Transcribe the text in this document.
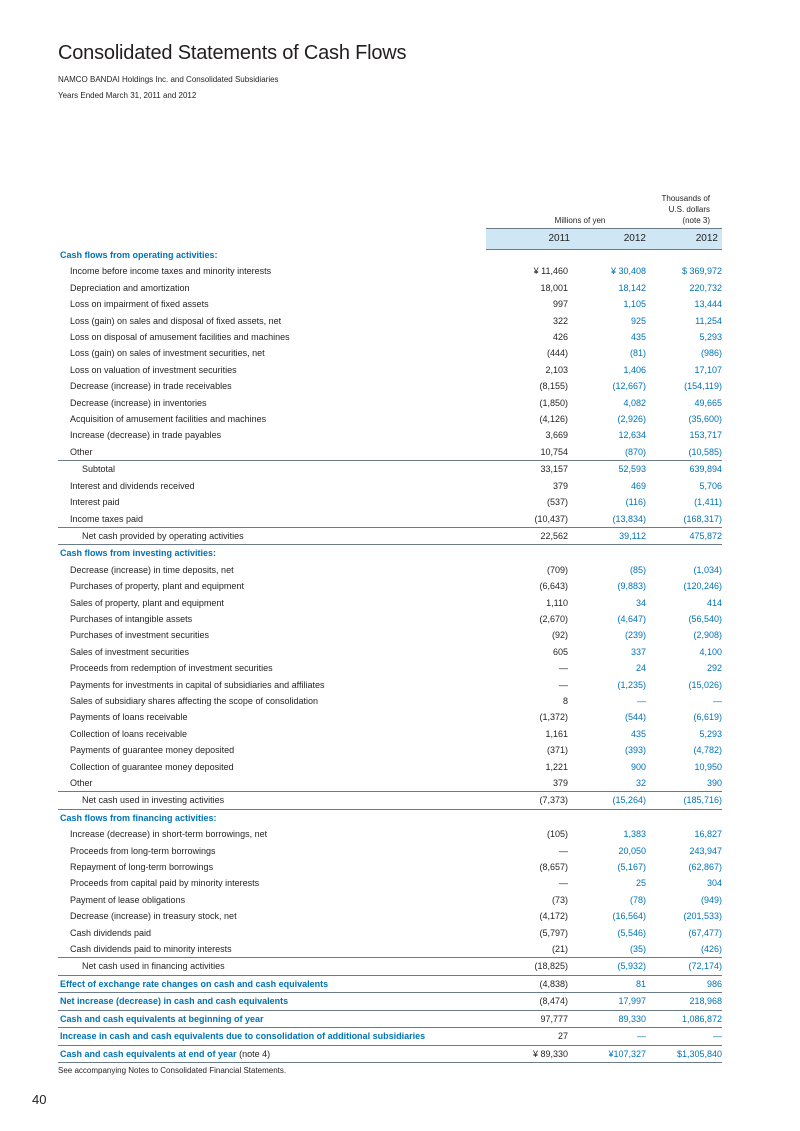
Consolidated Statements of Cash Flows
NAMCO BANDAI Holdings Inc. and Consolidated Subsidiaries
Years Ended March 31, 2011 and 2012
Millions of yen
Thousands of
U.S. dollars
(note 3)
2011	2012	2012
Cash flows from operating activities:			
Income before income taxes and minority interests	¥ 11,460	¥ 30,408	$ 369,972
Depreciation and amortization	18,001	18,142	220,732
Loss on impairment of fixed assets	997	1,105	13,444
Loss (gain) on sales and disposal of fixed assets, net	322	925	11,254
Loss on disposal of amusement facilities and machines	426	435	5,293
Loss (gain) on sales of investment securities, net	(444)	(81)	(986)
Loss on valuation of investment securities	2,103	1,406	17,107
Decrease (increase) in trade receivables	(8,155)	(12,667)	(154,119)
Decrease (increase) in inventories	(1,850)	4,082	49,665
Acquisition of amusement facilities and machines	(4,126)	(2,926)	(35,600)
Increase (decrease) in trade payables	3,669	12,634	153,717
Other	10,754	(870)	(10,585)
Subtotal	33,157	52,593	639,894
Interest and dividends received	379	469	5,706
Interest paid	(537)	(116)	(1,411)
Income taxes paid	(10,437)	(13,834)	(168,317)
Net cash provided by operating activities	22,562	39,112	475,872
Cash flows from investing activities:			
Decrease (increase) in time deposits, net	(709)	(85)	(1,034)
Purchases of property, plant and equipment	(6,643)	(9,883)	(120,246)
Sales of property, plant and equipment	1,110	34	414
Purchases of intangible assets	(2,670)	(4,647)	(56,540)
Purchases of investment securities	(92)	(239)	(2,908)
Sales of investment securities	605	337	4,100
Proceeds from redemption of investment securities	—	24	292
Payments for investments in capital of subsidiaries and affiliates	—	(1,235)	(15,026)
Sales of subsidiary shares affecting the scope of consolidation	8	—	—
Payments of loans receivable	(1,372)	(544)	(6,619)
Collection of loans receivable	1,161	435	5,293
Payments of guarantee money deposited	(371)	(393)	(4,782)
Collection of guarantee money deposited	1,221	900	10,950
Other	379	32	390
Net cash used in investing activities	(7,373)	(15,264)	(185,716)
Cash flows from financing activities:			
Increase (decrease) in short-term borrowings, net	(105)	1,383	16,827
Proceeds from long-term borrowings	—	20,050	243,947
Repayment of long-term borrowings	(8,657)	(5,167)	(62,867)
Proceeds from capital paid by minority interests	—	25	304
Payment of lease obligations	(73)	(78)	(949)
Decrease (increase) in treasury stock, net	(4,172)	(16,564)	(201,533)
Cash dividends paid	(5,797)	(5,546)	(67,477)
Cash dividends paid to minority interests	(21)	(35)	(426)
Net cash used in financing activities	(18,825)	(5,932)	(72,174)
Effect of exchange rate changes on cash and cash equivalents	(4,838)	81	986
Net increase (decrease) in cash and cash equivalents	(8,474)	17,997	218,968
Cash and cash equivalents at beginning of year	97,777	89,330	1,086,872
Increase in cash and cash equivalents due to consolidation of additional subsidiaries	27	—	—
Cash and cash equivalents at end of year (note 4)	¥ 89,330	¥107,327	$1,305,840
See accompanying Notes to Consolidated Financial Statements.
40
